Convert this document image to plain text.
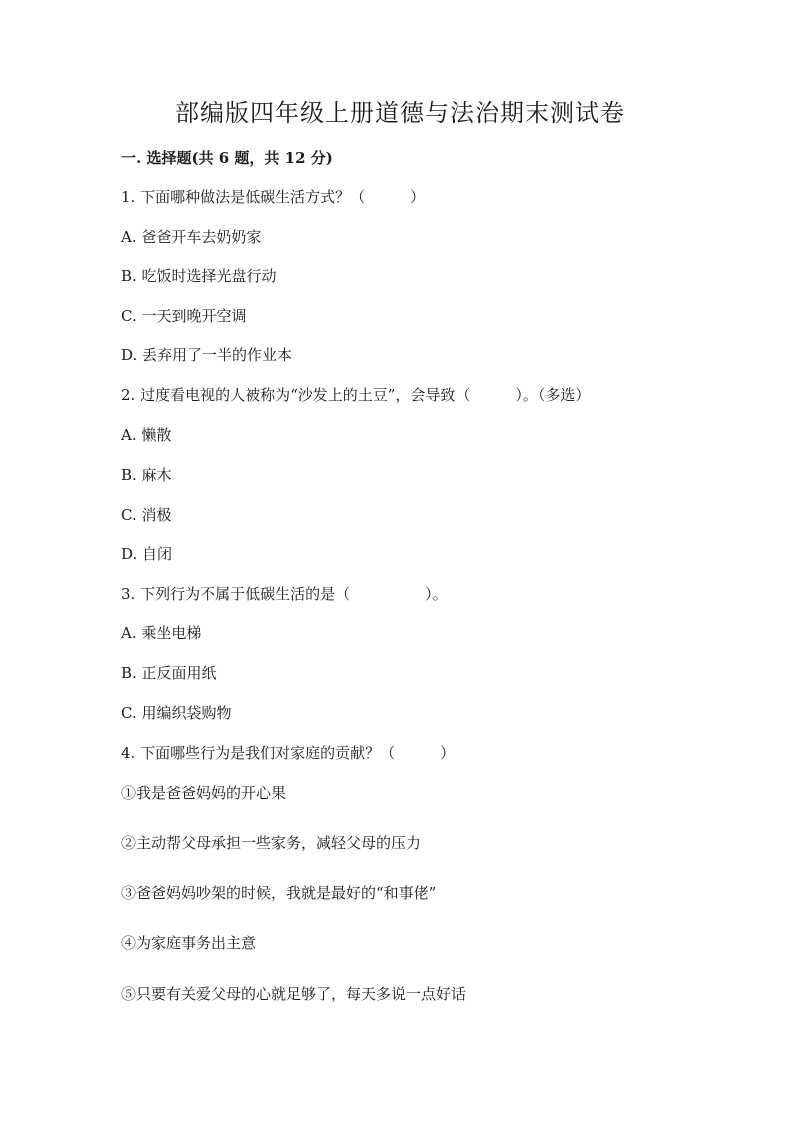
部编版四年级上册道德与法治期末测试卷
一. 选择题(共 6 题，共 12 分)
1. 下面哪种做法是低碳生活方式？（　　　）
A. 爸爸开车去奶奶家
B. 吃饭时选择光盘行动
C. 一天到晚开空调
D. 丢弃用了一半的作业本
2. 过度看电视的人被称为“沙发上的土豆”，会导致（　　　）。（多选）
A. 懒散
B. 麻木
C. 消极
D. 自闭
3. 下列行为不属于低碳生活的是（　　　　　）。
A. 乘坐电梯
B. 正反面用纸
C. 用编织袋购物
4. 下面哪些行为是我们对家庭的贡献？（　　　）
①我是爸爸妈妈的开心果
②主动帮父母承担一些家务，减轻父母的压力
③爸爸妈妈吵架的时候，我就是最好的“和事佬”
④为家庭事务出主意
⑤只要有关爱父母的心就足够了，每天多说一点好话
